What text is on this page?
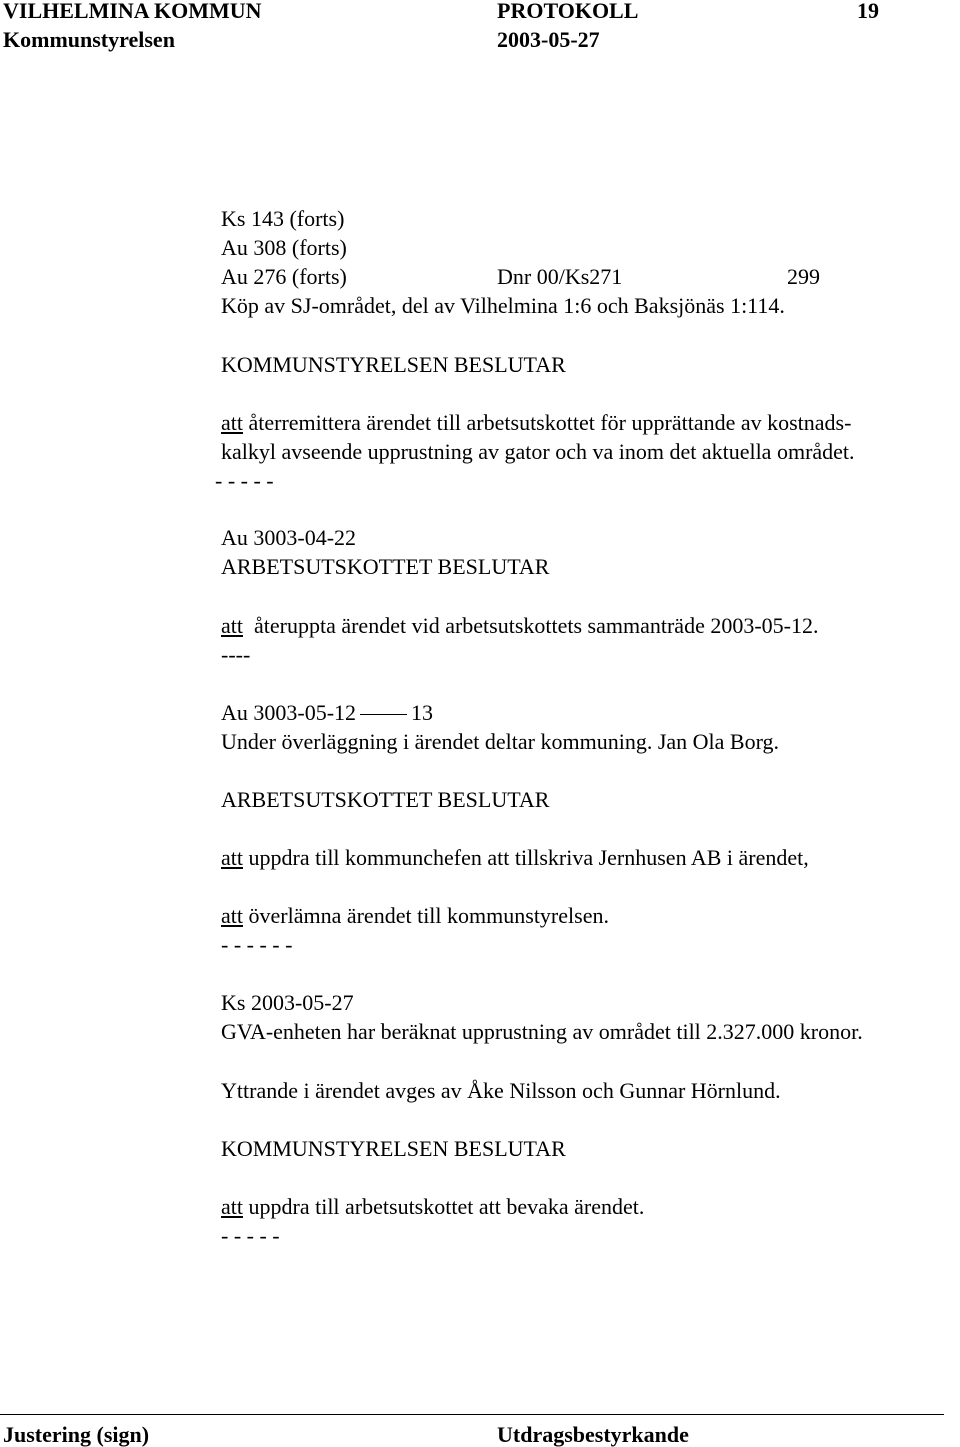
VILHELMINA KOMMUN	PROTOKOLL	19
Kommunstyrelsen	2003-05-27
Ks 143 (forts)
Au 308 (forts)
Au 276 (forts)	Dnr 00/Ks271	299
Köp av SJ-området, del av Vilhelmina 1:6 och Baksjönäs 1:114.
KOMMUNSTYRELSEN BESLUTAR
att återremittera ärendet till arbetsutskottet för upprättande av kostnads-
kalkyl avseende upprustning av gator och va inom det aktuella området.
- - - - -
Au 3003-04-22
ARBETSUTSKOTTET BESLUTAR
att  återuppta ärendet vid arbetsutskottets sammanträde 2003-05-12.
----
Au 3003-05-12	13
Under överläggning i ärendet deltar kommuning. Jan Ola Borg.
ARBETSUTSKOTTET BESLUTAR
att uppdra till kommunchefen att tillskriva Jernhusen AB i ärendet,
att överlämna ärendet till kommunstyrelsen.
- - - - - -
Ks 2003-05-27
GVA-enheten har beräknat upprustning av området till 2.327.000 kronor.
Yttrande i ärendet avges av Åke Nilsson och Gunnar Hörnlund.
KOMMUNSTYRELSEN BESLUTAR
att uppdra till arbetsutskottet att bevaka ärendet.
- - - - -
Justering (sign)	Utdragsbestyrkande
